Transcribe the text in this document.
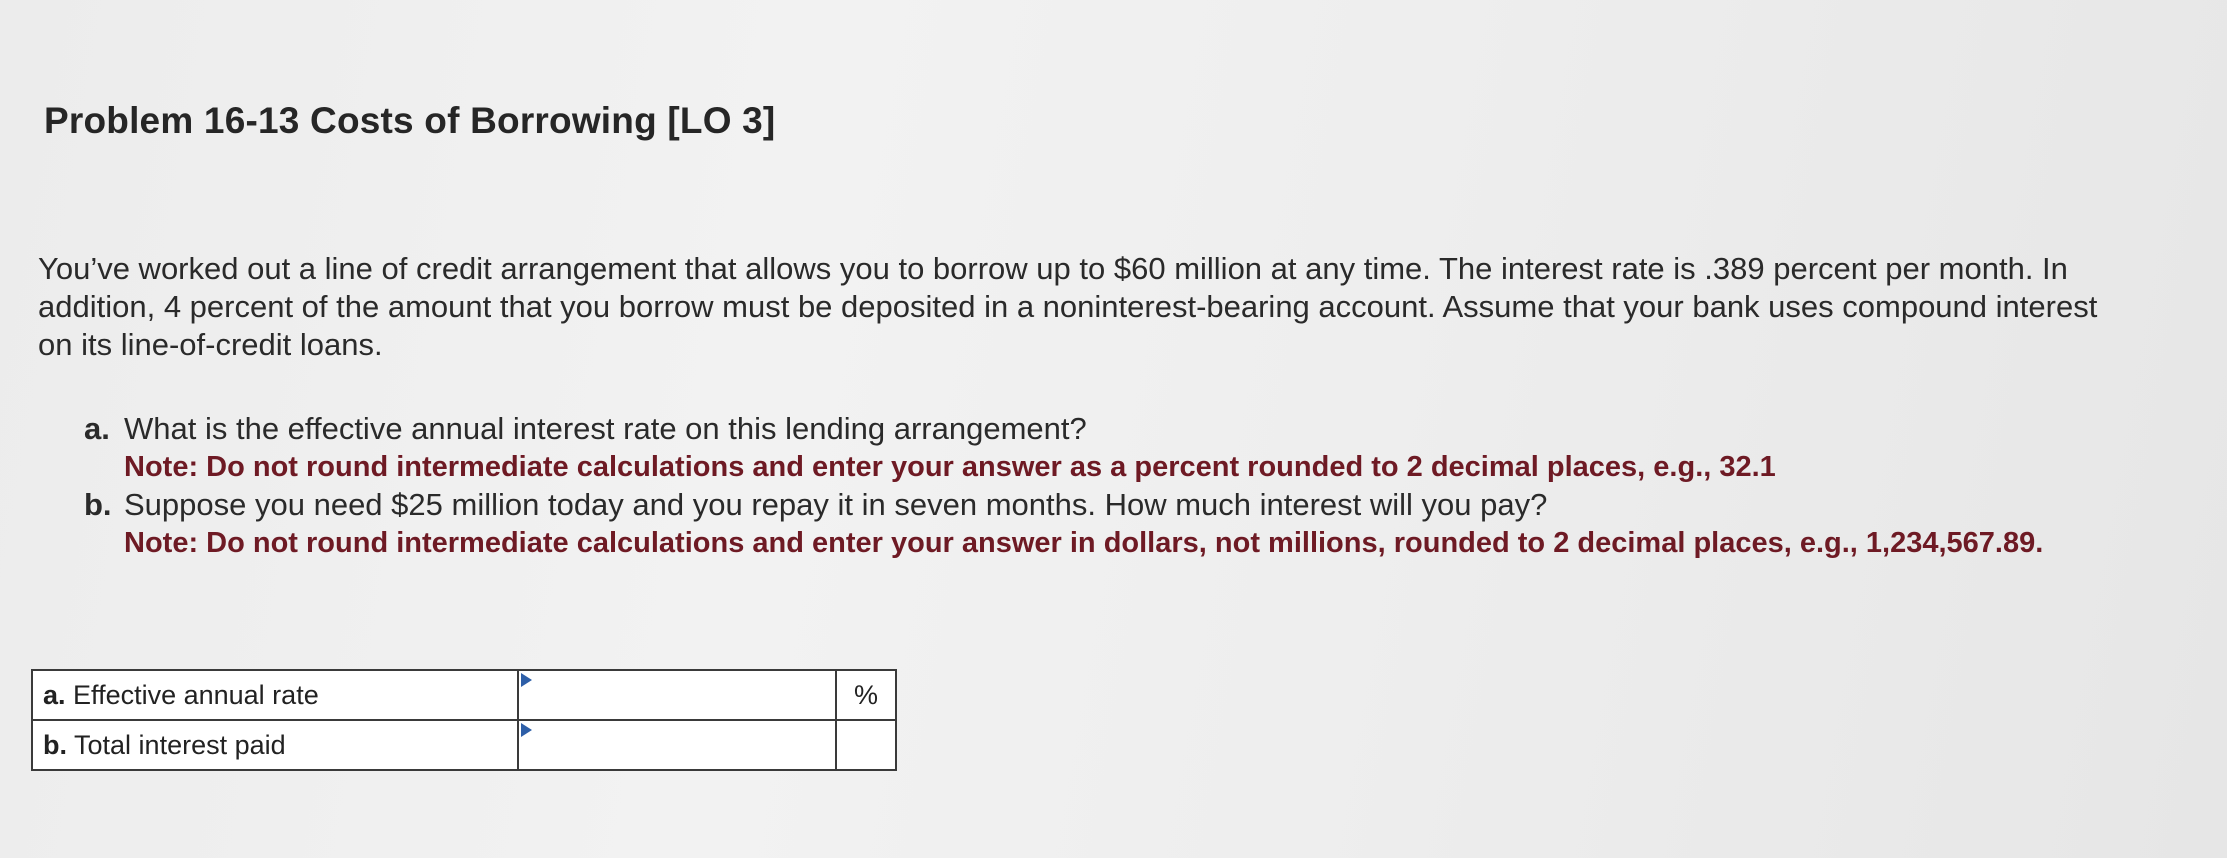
Problem 16-13 Costs of Borrowing [LO 3]
You’ve worked out a line of credit arrangement that allows you to borrow up to $60 million at any time. The interest rate is .389 percent per month. In addition, 4 percent of the amount that you borrow must be deposited in a noninterest-bearing account. Assume that your bank uses compound interest on its line-of-credit loans.
a. What is the effective annual interest rate on this lending arrangement?
Note: Do not round intermediate calculations and enter your answer as a percent rounded to 2 decimal places, e.g., 32.1
b. Suppose you need $25 million today and you repay it in seven months. How much interest will you pay?
Note: Do not round intermediate calculations and enter your answer in dollars, not millions, rounded to 2 decimal places, e.g., 1,234,567.89.
a. Effective annual rate		%
b. Total interest paid	
